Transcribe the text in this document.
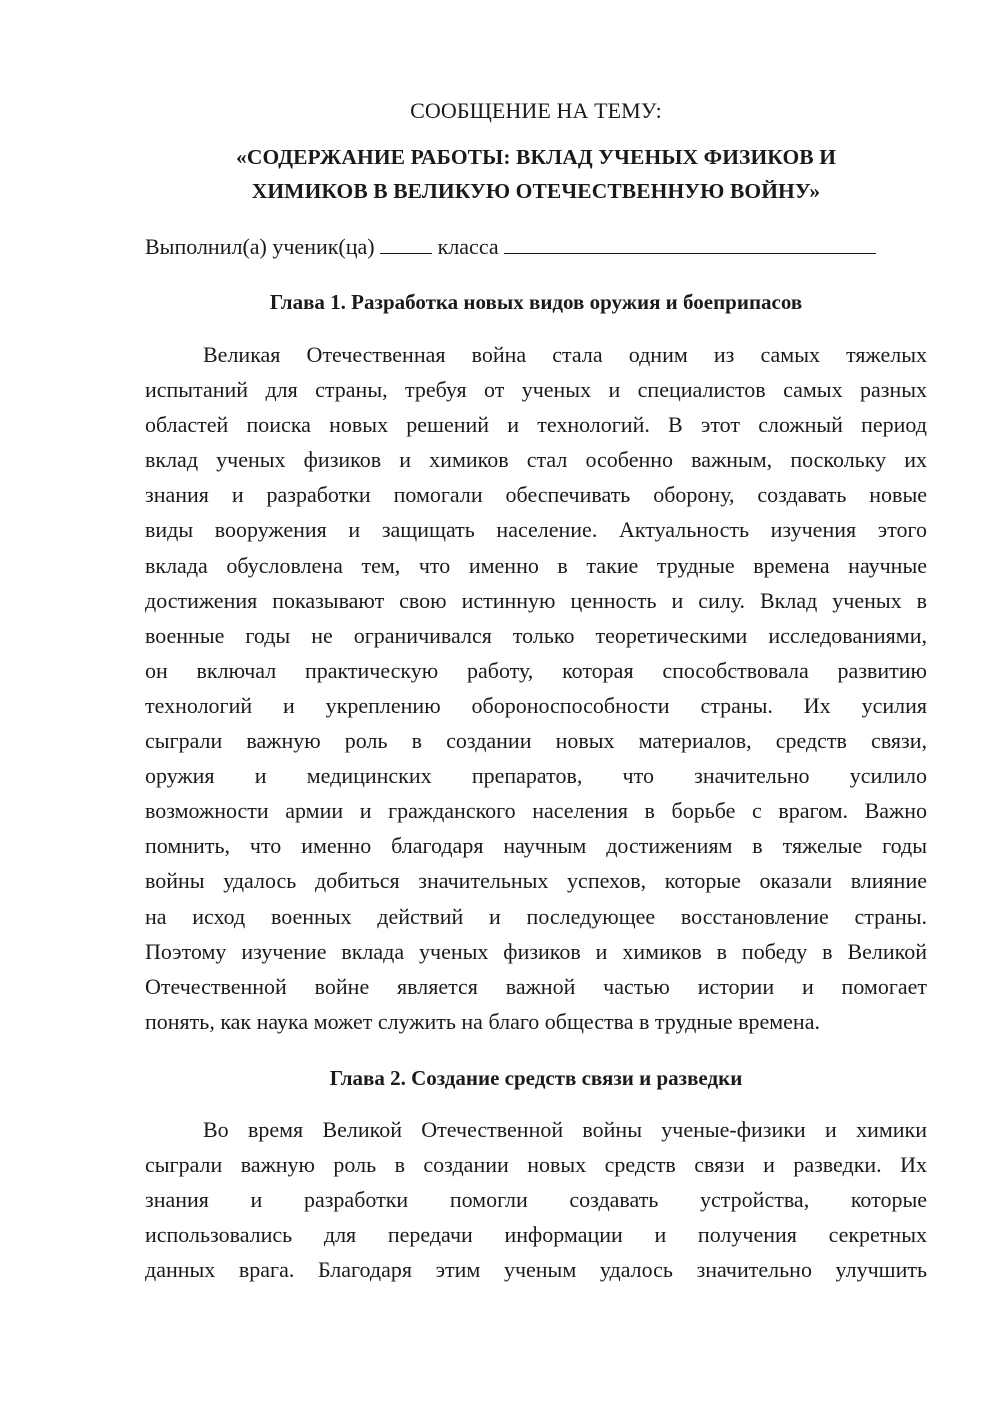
СООБЩЕНИЕ НА ТЕМУ:
«СОДЕРЖАНИЕ РАБОТЫ: ВКЛАД УЧЕНЫХ ФИЗИКОВ И
ХИМИКОВ В ВЕЛИКУЮ ОТЕЧЕСТВЕННУЮ ВОЙНУ»
Выполнил(а) ученик(ца)	класса
Глава 1. Разработка новых видов оружия и боеприпасов
Великая Отечественная война стала одним из самых тяжелых
испытаний для страны, требуя от ученых и специалистов самых разных
областей поиска новых решений и технологий. В этот сложный период
вклад ученых физиков и химиков стал особенно важным, поскольку их
знания и разработки помогали обеспечивать оборону, создавать новые
виды вооружения и защищать население. Актуальность изучения этого
вклада обусловлена тем, что именно в такие трудные времена научные
достижения показывают свою истинную ценность и силу. Вклад ученых в
военные годы не ограничивался только теоретическими исследованиями,
он включал практическую работу, которая способствовала развитию
технологий и укреплению обороноспособности страны. Их усилия
сыграли важную роль в создании новых материалов, средств связи,
оружия и медицинских препаратов, что значительно усилило
возможности армии и гражданского населения в борьбе с врагом. Важно
помнить, что именно благодаря научным достижениям в тяжелые годы
войны удалось добиться значительных успехов, которые оказали влияние
на исход военных действий и последующее восстановление страны.
Поэтому изучение вклада ученых физиков и химиков в победу в Великой
Отечественной войне является важной частью истории и помогает
понять, как наука может служить на благо общества в трудные времена.
Глава 2. Создание средств связи и разведки
Во время Великой Отечественной войны ученые-физики и химики
сыграли важную роль в создании новых средств связи и разведки. Их
знания и разработки помогли создавать устройства, которые
использовались для передачи информации и получения секретных
данных врага. Благодаря этим ученым удалось значительно улучшить
